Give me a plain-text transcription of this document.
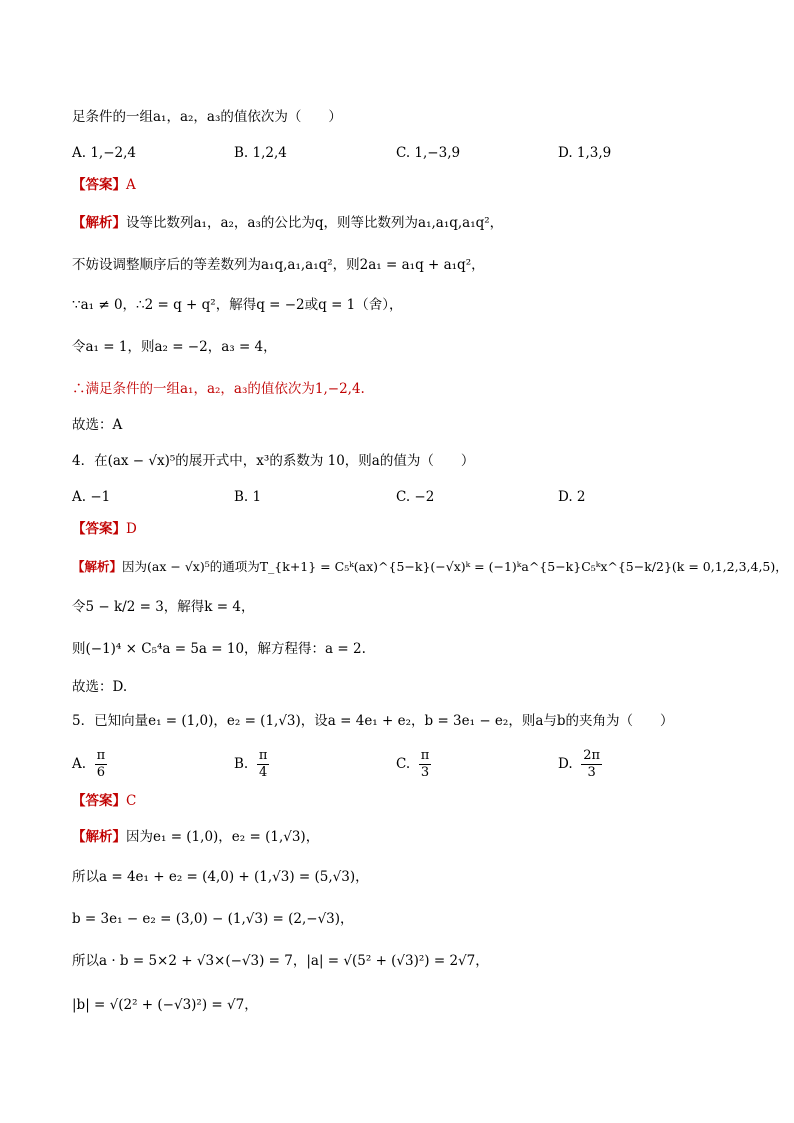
足条件的一组a₁，a₂，a₃的值依次为（　　）
A. 1,−2,4	B. 1,2,4	C. 1,−3,9	D. 1,3,9
【答案】A
【解析】设等比数列a₁，a₂，a₃的公比为q，则等比数列为a₁,a₁q,a₁q²，
不妨设调整顺序后的等差数列为a₁q,a₁,a₁q²，则2a₁ = a₁q + a₁q²，
∵a₁ ≠ 0，∴2 = q + q²，解得q = −2或q = 1（舍），
令a₁ = 1，则a₂ = −2，a₃ = 4，
∴满足条件的一组a₁，a₂，a₃的值依次为1,−2,4.
故选：A
4．在(ax − √x)⁵的展开式中，x³的系数为 10，则a的值为（　　）
A. −1	B. 1	C. −2	D. 2
【答案】D
【解析】因为(ax − √x)⁵的通项为T_{k+1} = C₅ᵏ(ax)^{5−k}(−√x)ᵏ = (−1)ᵏa^{5−k}C₅ᵏx^{5−k/2}(k = 0,1,2,3,4,5)，
令5 − k/2 = 3，解得k = 4，
则(−1)⁴ × C₅⁴a = 5a = 10，解方程得：a = 2.
故选：D.
5．已知向量e₁ = (1,0)，e₂ = (1,√3)，设a = 4e₁ + e₂，b = 3e₁ − e₂，则a与b的夹角为（　　）
A. $\frac{\pi}{6}$	B. $\frac{\pi}{4}$	C. $\frac{\pi}{3}$	D. $\frac{2\pi}{3}$
【答案】C
【解析】因为e₁ = (1,0)，e₂ = (1,√3)，
所以a = 4e₁ + e₂ = (4,0) + (1,√3) = (5,√3)，
b = 3e₁ − e₂ = (3,0) − (1,√3) = (2,−√3)，
所以a · b = 5×2 + √3×(−√3) = 7，|a| = √(5² + (√3)²) = 2√7，
|b| = √(2² + (−√3)²) = √7，
